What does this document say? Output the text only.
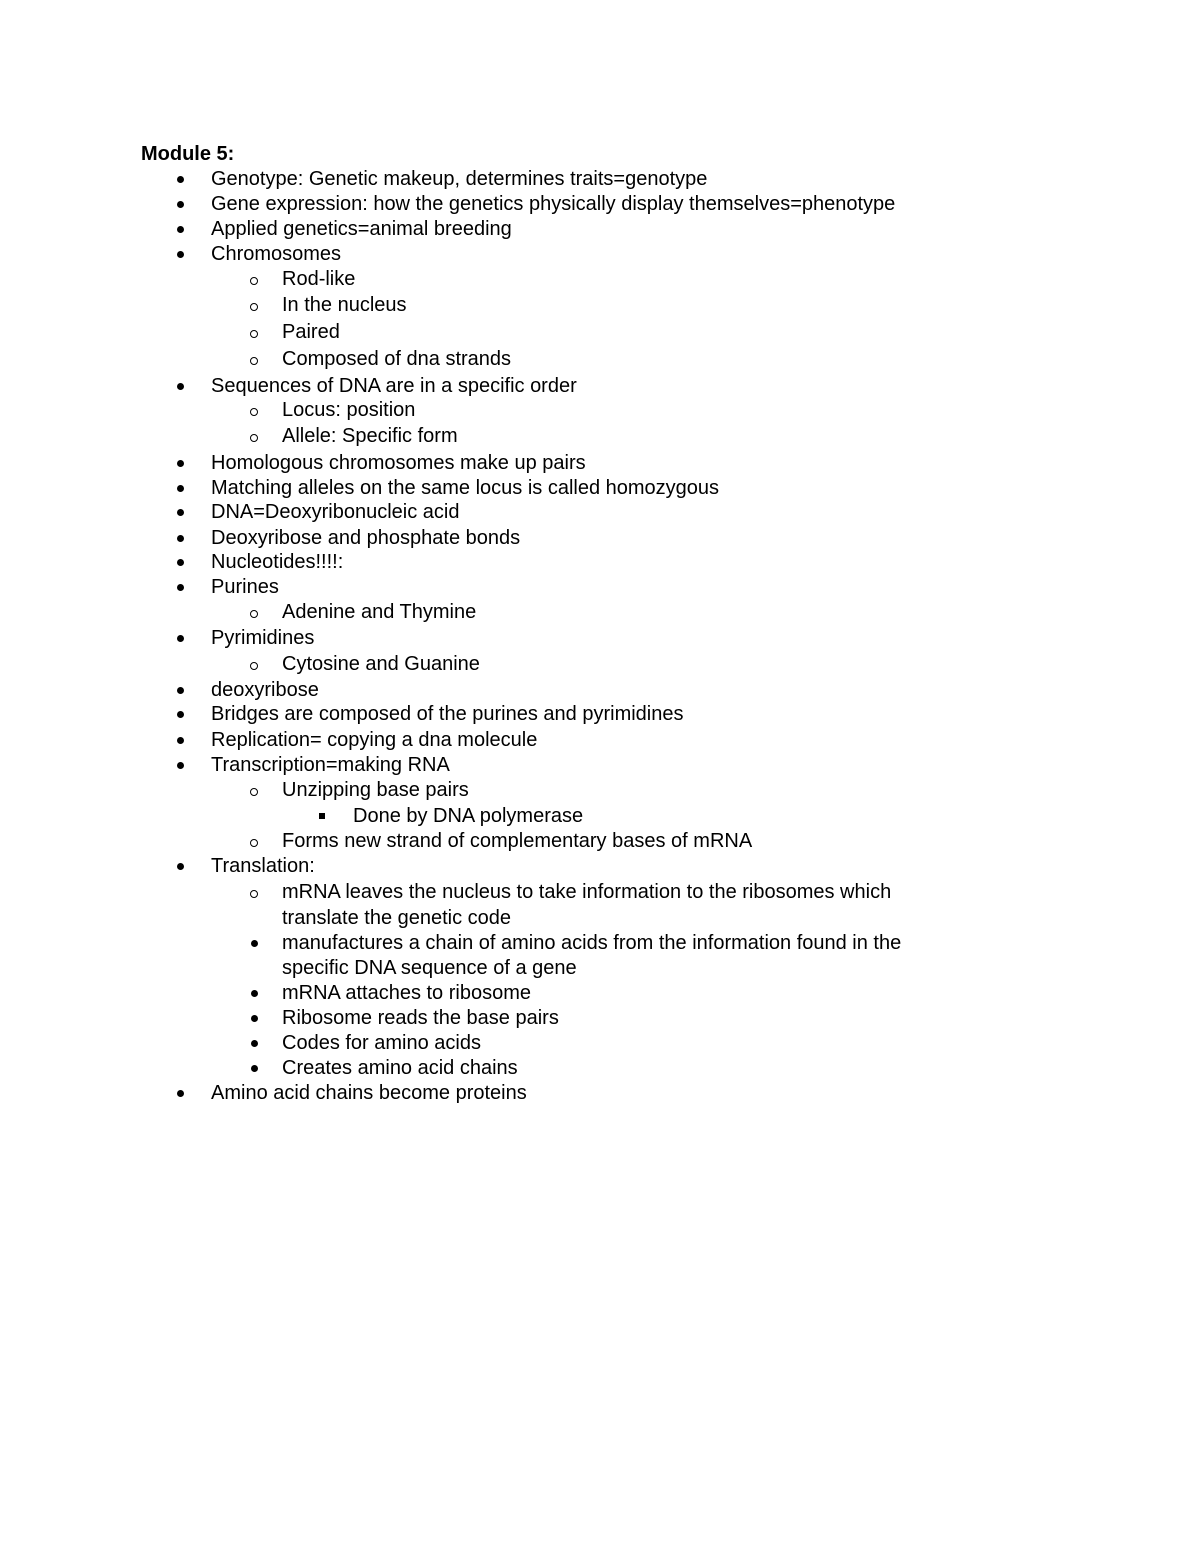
Module 5:
Genotype: Genetic makeup, determines traits=genotype
Gene expression: how the genetics physically display themselves=phenotype
Applied genetics=animal breeding
Chromosomes
Rod-like
In the nucleus
Paired
Composed of dna strands
Sequences of DNA are in a specific order
Locus: position
Allele: Specific form
Homologous chromosomes make up pairs
Matching alleles on the same locus is called homozygous
DNA=Deoxyribonucleic acid
Deoxyribose and phosphate bonds
Nucleotides!!!!:
Purines
Adenine and Thymine
Pyrimidines
Cytosine and Guanine
deoxyribose
Bridges are composed of the purines and pyrimidines
Replication= copying a dna molecule
Transcription=making RNA
Unzipping base pairs
Done by DNA polymerase
Forms new strand of complementary bases of mRNA
Translation:
mRNA leaves the nucleus to take information to the ribosomes which
translate the genetic code
manufactures a chain of amino acids from the information found in the
specific DNA sequence of a gene
mRNA attaches to ribosome
Ribosome reads the base pairs
Codes for amino acids
Creates amino acid chains
Amino acid chains become proteins
